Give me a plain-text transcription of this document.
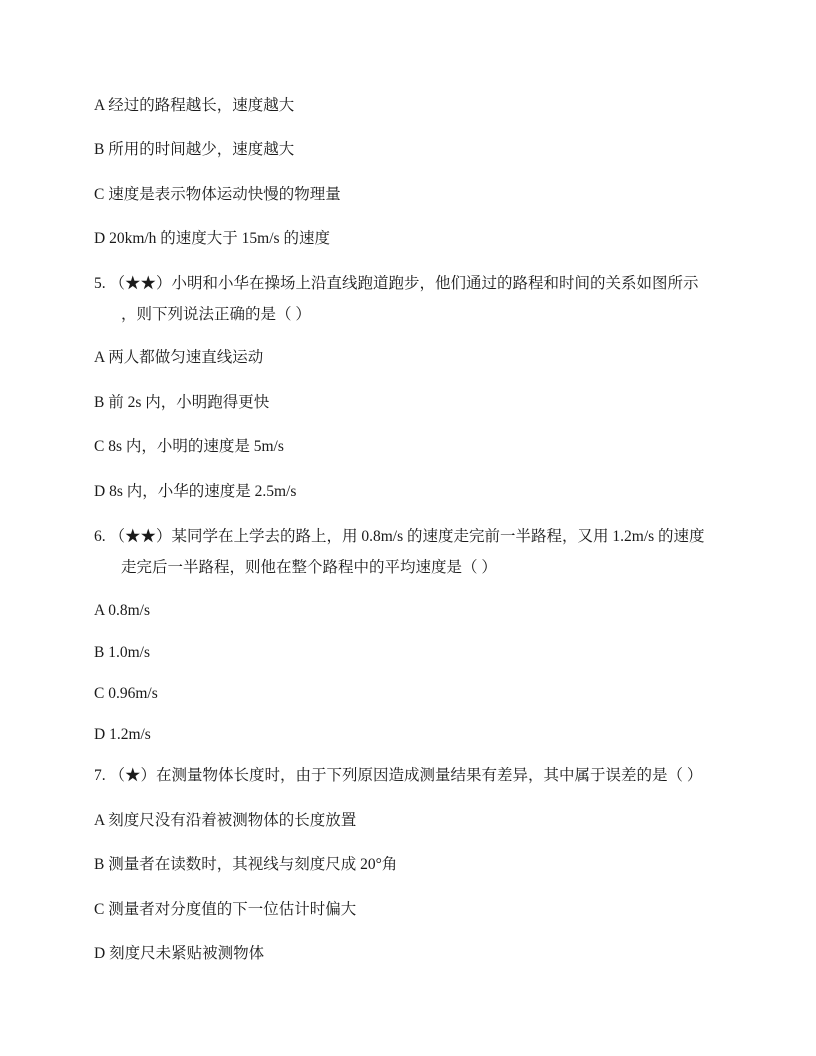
A 经过的路程越长，速度越大
B 所用的时间越少，速度越大
C 速度是表示物体运动快慢的物理量
D 20km/h 的速度大于 15m/s 的速度
5. （★★）小明和小华在操场上沿直线跑道跑步，他们通过的路程和时间的关系如图所示
，则下列说法正确的是（ ）
A 两人都做匀速直线运动
B 前 2s 内，小明跑得更快
C 8s 内，小明的速度是 5m/s
D 8s 内，小华的速度是 2.5m/s
6. （★★）某同学在上学去的路上，用 0.8m/s 的速度走完前一半路程，又用 1.2m/s 的速度
走完后一半路程，则他在整个路程中的平均速度是（ ）
A 0.8m/s
B 1.0m/s
C 0.96m/s
D 1.2m/s
7. （★）在测量物体长度时，由于下列原因造成测量结果有差异，其中属于误差的是（ ）
A 刻度尺没有沿着被测物体的长度放置
B 测量者在读数时，其视线与刻度尺成 20°角
C 测量者对分度值的下一位估计时偏大
D 刻度尺未紧贴被测物体
